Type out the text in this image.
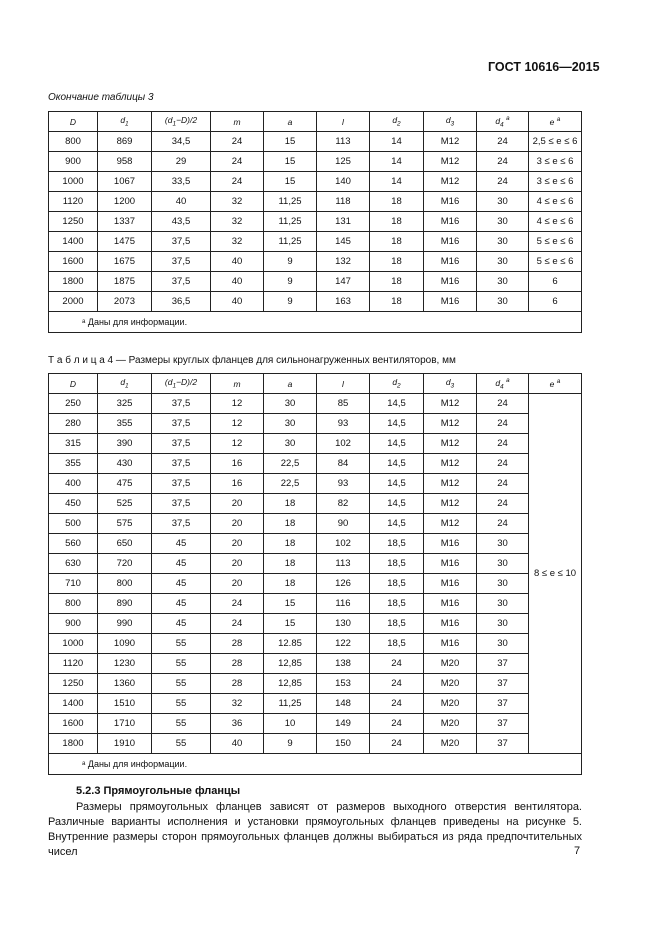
ГОСТ 10616—2015
Окончание таблицы 3
D	$d_1$	$(d_1-D)/2$	m	a	l	$d_2$	$d_3$	$d_4$ $^a$	e $^a$
800	869	34,5	24	15	113	14	M12	24	2,5 ≤ e ≤ 6
900	958	29	24	15	125	14	M12	24	3 ≤ e ≤ 6
1000	1067	33,5	24	15	140	14	M12	24	3 ≤ e ≤ 6
1120	1200	40	32	11,25	118	18	M16	30	4 ≤ e ≤ 6
1250	1337	43,5	32	11,25	131	18	M16	30	4 ≤ e ≤ 6
1400	1475	37,5	32	11,25	145	18	M16	30	5 ≤ e ≤ 6
1600	1675	37,5	40	9	132	18	M16	30	5 ≤ e ≤ 6
1800	1875	37,5	40	9	147	18	M16	30	6
2000	2073	36,5	40	9	163	18	M16	30	6
ᵃ Даны для информации.									
Т а б л и ц а 4 — Размеры круглых фланцев для сильнонагруженных вентиляторов, мм
D	$d_1$	$(d_1-D)/2$	m	a	l	$d_2$	$d_3$	$d_4$ $^a$	e $^a$
250	325	37,5	12	30	85	14,5	M12	24	8 ≤ e ≤ 10
280	355	37,5	12	30	93	14,5	M12	24	
315	390	37,5	12	30	102	14,5	M12	24	
355	430	37,5	16	22,5	84	14,5	M12	24	
400	475	37,5	16	22,5	93	14,5	M12	24	
450	525	37,5	20	18	82	14,5	M12	24	
500	575	37,5	20	18	90	14,5	M12	24	
560	650	45	20	18	102	18,5	M16	30	
630	720	45	20	18	113	18,5	M16	30	
710	800	45	20	18	126	18,5	M16	30	
800	890	45	24	15	116	18,5	M16	30	
900	990	45	24	15	130	18,5	M16	30	
1000	1090	55	28	12.85	122	18,5	M16	30	
1120	1230	55	28	12,85	138	24	M20	37	
1250	1360	55	28	12,85	153	24	M20	37	
1400	1510	55	32	11,25	148	24	M20	37	
1600	1710	55	36	10	149	24	M20	37	
1800	1910	55	40	9	150	24	M20	37	
ᵃ Даны для информации.									
5.2.3 Прямоугольные фланцы

Размеры прямоугольных фланцев зависят от размеров выходного отверстия вентилятора. Различные варианты исполнения и установки прямоугольных фланцев приведены на рисунке 5. Внутренние размеры сторон прямоугольных фланцев должны выбираться из ряда предпочтительных чисел	7
